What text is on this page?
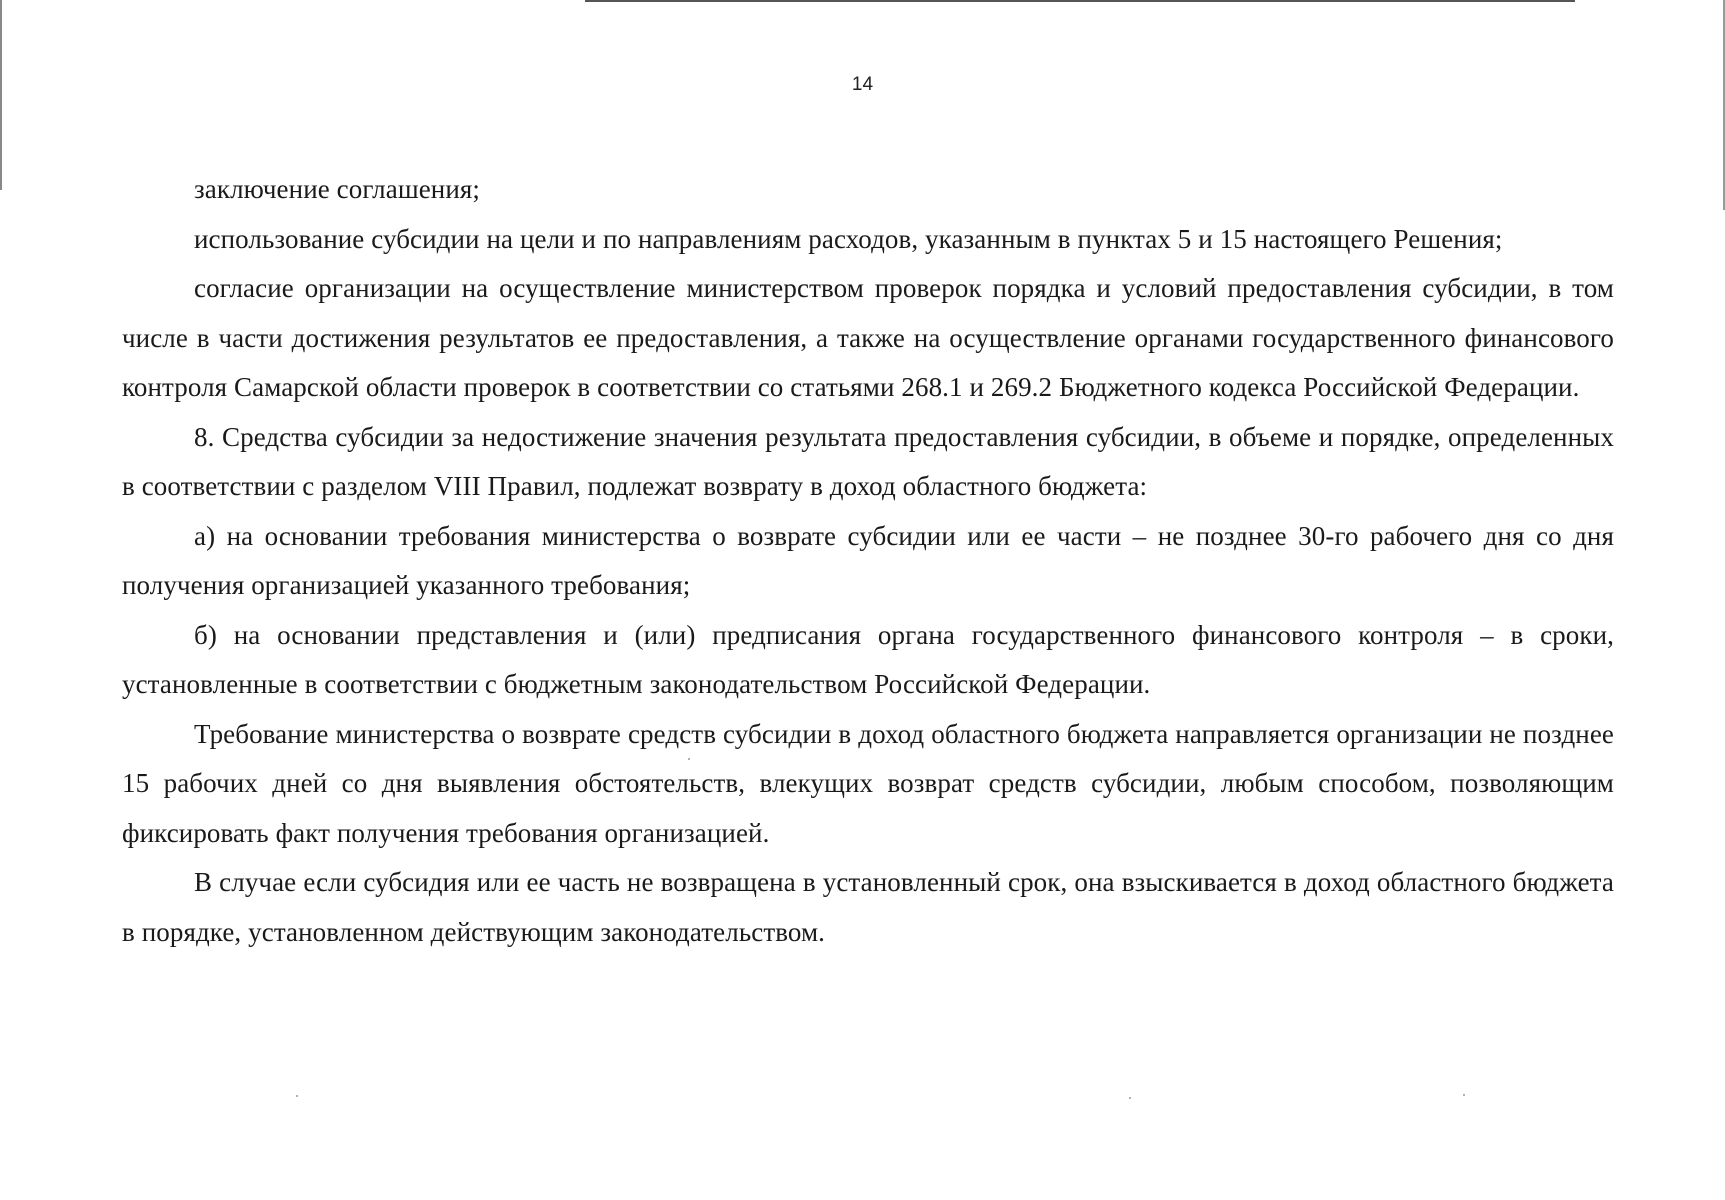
14

заключение соглашения;

использование субсидии на цели и по направлениям расходов, указанным в пунктах 5 и 15 настоящего Решения;

согласие организации на осуществление министерством проверок порядка и условий предоставления субсидии, в том числе в части достижения результатов ее предоставления, а также на осуществление органами государственного финансового контроля Самарской области проверок в соответствии со статьями 268.1 и 269.2 Бюджетного кодекса Российской Федерации.

8. Средства субсидии за недостижение значения результата предоставления субсидии, в объеме и порядке, определенных в соответствии с разделом VIII Правил, подлежат возврату в доход областного бюджета:

а) на основании требования министерства о возврате субсидии или ее части – не позднее 30-го рабочего дня со дня получения организацией указанного требования;

б) на основании представления и (или) предписания органа государственного финансового контроля – в сроки, установленные в соответствии с бюджетным законодательством Российской Федерации.

Требование министерства о возврате средств субсидии в доход областного бюджета направляется организации не позднее 15 рабочих дней со дня выявления обстоятельств, влекущих возврат средств субсидии, любым способом, позволяющим фиксировать факт получения требования организацией.

В случае если субсидия или ее часть не возвращена в установленный срок, она взыскивается в доход областного бюджета в порядке, установленном действующим законодательством.
